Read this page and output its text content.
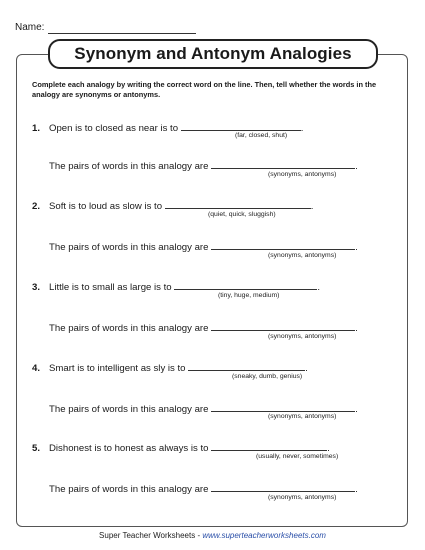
Name:
Synonym and Antonym Analogies
Complete each analogy by writing the correct word on the line. Then, tell whether the words in the analogy are synonyms or antonyms.
1. Open is to closed as near is to	.
(far, closed, shut)
The pairs of words in this analogy are	.
(synonyms, antonyms)
2. Soft is to loud as slow is to	.
(quiet, quick, sluggish)
The pairs of words in this analogy are	.
(synonyms, antonyms)
3. Little is to small as large is to	.
(tiny, huge, medium)
The pairs of words in this analogy are	.
(synonyms, antonyms)
4. Smart is to intelligent as sly is to	.
(sneaky, dumb, genius)
The pairs of words in this analogy are	.
(synonyms, antonyms)
5. Dishonest is to honest as always is to	.
(usually, never, sometimes)
The pairs of words in this analogy are	.
(synonyms, antonyms)
Super Teacher Worksheets - www.superteacherworksheets.com
